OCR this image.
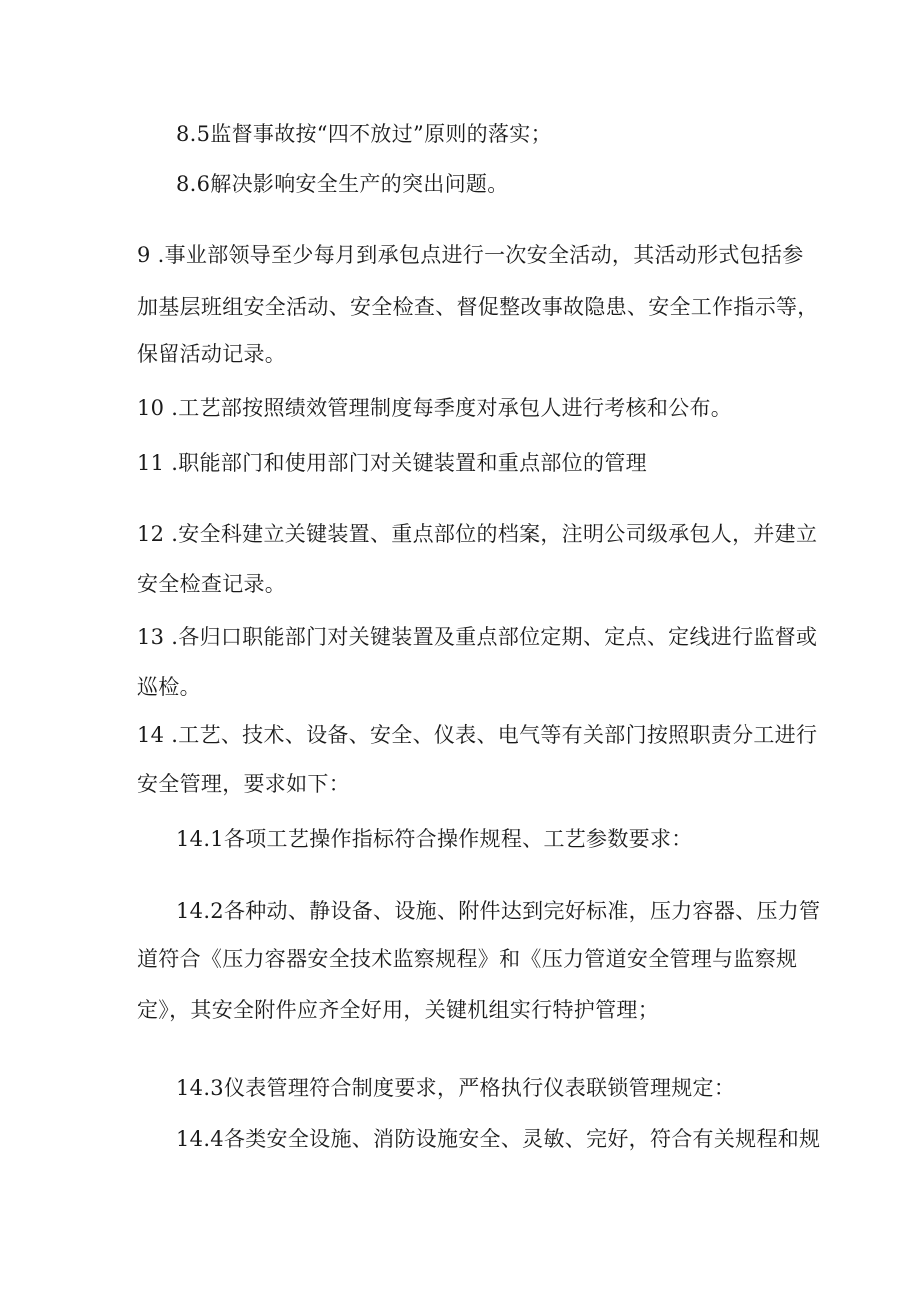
8.5监督事故按“四不放过”原则的落实；
8.6解决影响安全生产的突出问题。
9 .事业部领导至少每月到承包点进行一次安全活动，其活动形式包括参
加基层班组安全活动、安全检查、督促整改事故隐患、安全工作指示等，
保留活动记录。
10 .工艺部按照绩效管理制度每季度对承包人进行考核和公布。
11 .职能部门和使用部门对关键装置和重点部位的管理
12 .安全科建立关键装置、重点部位的档案，注明公司级承包人，并建立
安全检查记录。
13 .各归口职能部门对关键装置及重点部位定期、定点、定线进行监督或
巡检。
14 .工艺、技术、设备、安全、仪表、电气等有关部门按照职责分工进行
安全管理，要求如下：
14.1各项工艺操作指标符合操作规程、工艺参数要求：
14.2各种动、静设备、设施、附件达到完好标准，压力容器、压力管
道符合《压力容器安全技术监察规程》和《压力管道安全管理与监察规
定》，其安全附件应齐全好用，关键机组实行特护管理；
14.3仪表管理符合制度要求，严格执行仪表联锁管理规定：
14.4各类安全设施、消防设施安全、灵敏、完好，符合有关规程和规
